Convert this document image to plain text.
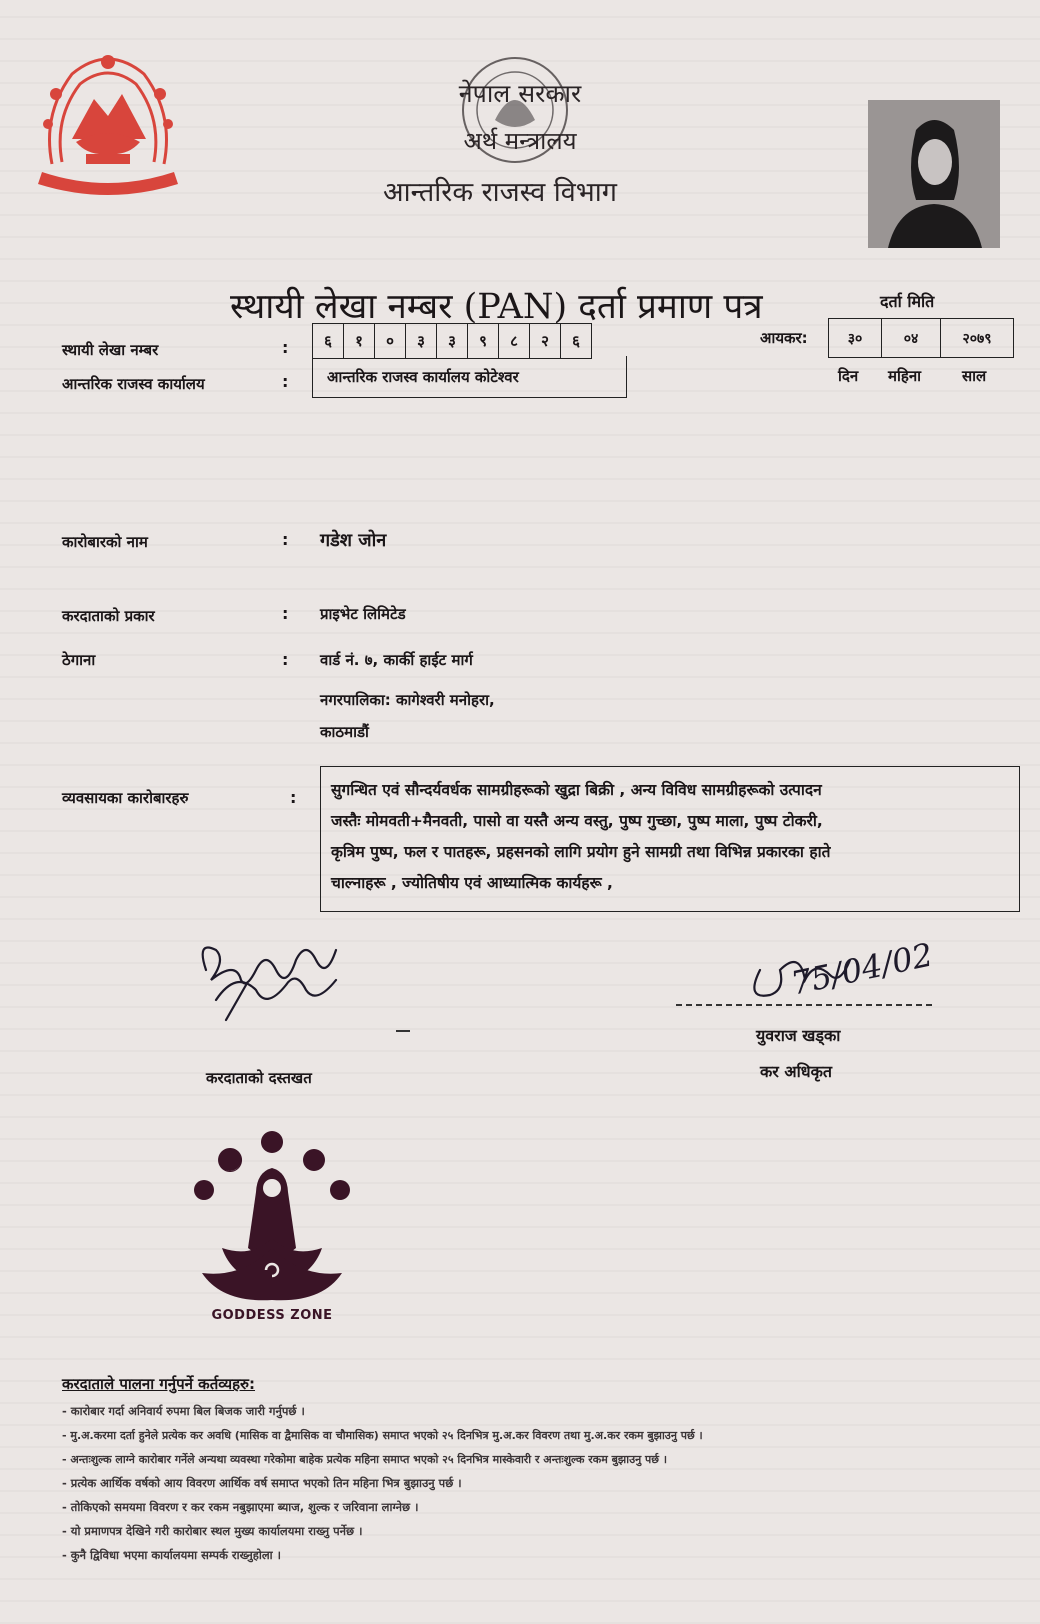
नेपाल सरकार
अर्थ मन्त्रालय
आन्तरिक राजस्व विभाग
स्थायी लेखा नम्बर (PAN) दर्ता प्रमाण पत्र	दर्ता मिति
आयकर:	३०	०४	२०७९
दिन महिना	साल
स्थायी लेखा नम्बर	:	६	१	०	३	३	९	८	२	६
आन्तरिक राजस्व कार्यालय	:	आन्तरिक राजस्व कार्यालय कोटेश्वर
कारोबारको नाम	: गडेश जोन
करदाताको प्रकार	: प्राइभेट लिमिटेड
ठेगाना	: वार्ड नं. ७, कार्की हाईट मार्ग
नगरपालिका: कागेश्वरी मनोहरा,
काठमाडौं
व्यवसायका कारोबारहरु	: सुगन्धित एवं सौन्दर्यवर्धक सामग्रीहरूको खुद्रा बिक्री , अन्य विविध सामग्रीहरूको उत्पादन
जस्तैः मोमवती+मैनवती, पासो वा यस्तै अन्य वस्तु, पुष्प गुच्छा, पुष्प माला, पुष्प टोकरी,
कृत्रिम पुष्प, फल र पातहरू, प्रहसनको लागि प्रयोग हुने सामग्री तथा विभिन्न प्रकारका हाते
चाल्नाहरू , ज्योतिषीय एवं आध्यात्मिक कार्यहरू ,
करदाताको दस्तखत
75/04/02
युवराज खड्का
कर अधिकृत
GODDESS ZONE
करदाताले पालना गर्नुपर्ने कर्तव्यहरु:
- कारोबार गर्दा अनिवार्य रुपमा बिल बिजक जारी गर्नुपर्छ ।
- मु.अ.करमा दर्ता हुनेले प्रत्येक कर अवधि (मासिक वा द्वैमासिक वा चौमासिक) समाप्त भएको २५ दिनभित्र मु.अ.कर विवरण तथा मु.अ.कर रकम बुझाउनु पर्छ ।
- अन्तःशुल्क लाग्ने कारोबार गर्नेले अन्यथा व्यवस्था गरेकोमा बाहेक प्रत्येक महिना समाप्त भएको २५ दिनभित्र मास्केवारी र अन्तःशुल्क रकम बुझाउनु पर्छ ।
- प्रत्येक आर्थिक वर्षको आय विवरण आर्थिक वर्ष समाप्त भएको तिन महिना भित्र बुझाउनु पर्छ ।
- तोकिएको समयमा विवरण र कर रकम नबुझाएमा ब्याज, शुल्क र जरिवाना लाग्नेछ ।
- यो प्रमाणपत्र देखिने गरी कारोबार स्थल मुख्य कार्यालयमा राख्नु पर्नेछ ।
- कुनै द्विविधा भएमा कार्यालयमा सम्पर्क राख्नुहोला ।
